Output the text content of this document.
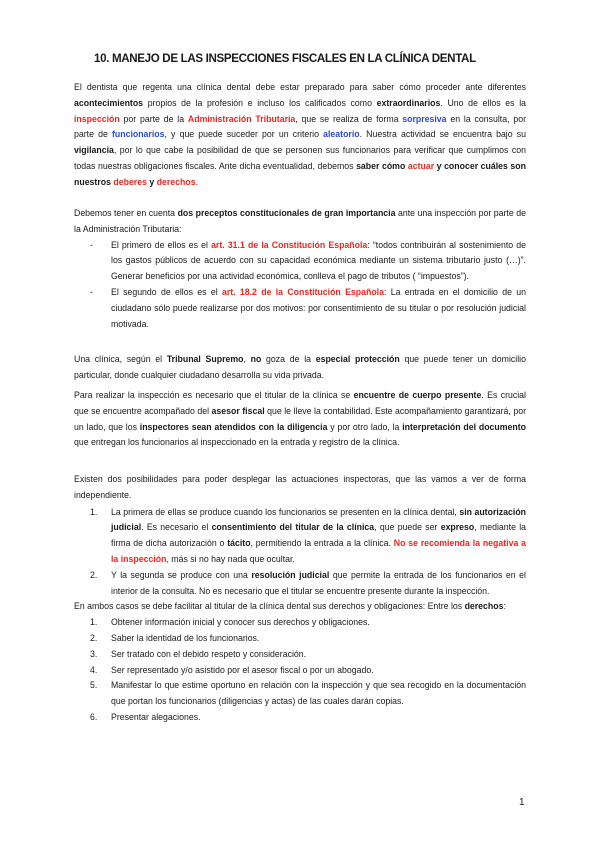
10. MANEJO DE LAS INSPECCIONES FISCALES EN LA CLÍNICA DENTAL

El dentista que regenta una clínica dental debe estar preparado para saber cómo proceder ante diferentes acontecimientos propios de la profesión e incluso los calificados como extraordinarios. Uno de ellos es la inspección por parte de la Administración Tributaria, que se realiza de forma sorpresiva en la consulta, por parte de funcionarios, y que puede suceder por un criterio aleatorio. Nuestra actividad se encuentra bajo su vigilancia, por lo que cabe la posibilidad de que se personen sus funcionarios para verificar que cumplimos con todas nuestras obligaciones fiscales. Ante dicha eventualidad, debemos saber cómo actuar y conocer cuáles son nuestros deberes y derechos.

Debemos tener en cuenta dos preceptos constitucionales de gran importancia ante una inspección por parte de la Administración Tributaria:

- El primero de ellos es el art. 31.1 de la Constitución Española: “todos contribuirán al sostenimiento de los gastos públicos de acuerdo con su capacidad económica mediante un sistema tributario justo (…)”. Generar beneficios por una actividad económica, conlleva el pago de tributos ( “impuestos”).
- El segundo de ellos es el art. 18.2 de la Constitución Española: La entrada en el domicilio de un ciudadano sólo puede realizarse por dos motivos: por consentimiento de su titular o por resolución judicial motivada.

Una clínica, según el Tribunal Supremo, no goza de la especial protección que puede tener un domicilio particular, donde cualquier ciudadano desarrolla su vida privada.

Para realizar la inspección es necesario que el titular de la clínica se encuentre de cuerpo presente. Es crucial que se encuentre acompañado del asesor fiscal que le lleve la contabilidad. Este acompañamiento garantizará, por un lado, que los inspectores sean atendidos con la diligencia y por otro lado, la interpretación del documento que entregan los funcionarios al inspeccionado en la entrada y registro de la clínica.

Existen dos posibilidades para poder desplegar las actuaciones inspectoras, que las vamos a ver de forma independiente.

1. La primera de ellas se produce cuando los funcionarios se presenten en la clínica dental, sin autorización judicial. Es necesario el consentimiento del titular de la clínica, que puede ser expreso, mediante la firma de dicha autorización o tácito, permitiendo la entrada a la clínica. No se recomienda la negativa a la inspección, más si no hay nada que ocultar.
2. Y la segunda se produce con una resolución judicial que permite la entrada de los funcionarios en el interior de la consulta. No es necesario que el titular se encuentre presente durante la inspección.

En ambos casos se debe facilitar al titular de la clínica dental sus derechos y obligaciones: Entre los derechos:

1. Obtener información inicial y conocer sus derechos y obligaciones.
2. Saber la identidad de los funcionarios.
3. Ser tratado con el debido respeto y consideración.
4. Ser representado y/o asistido por el asesor fiscal o por un abogado.
5. Manifestar lo que estime oportuno en relación con la inspección y que sea recogido en la documentación que portan los funcionarios (diligencias y actas) de las cuales darán copias.
6. Presentar alegaciones.
1
